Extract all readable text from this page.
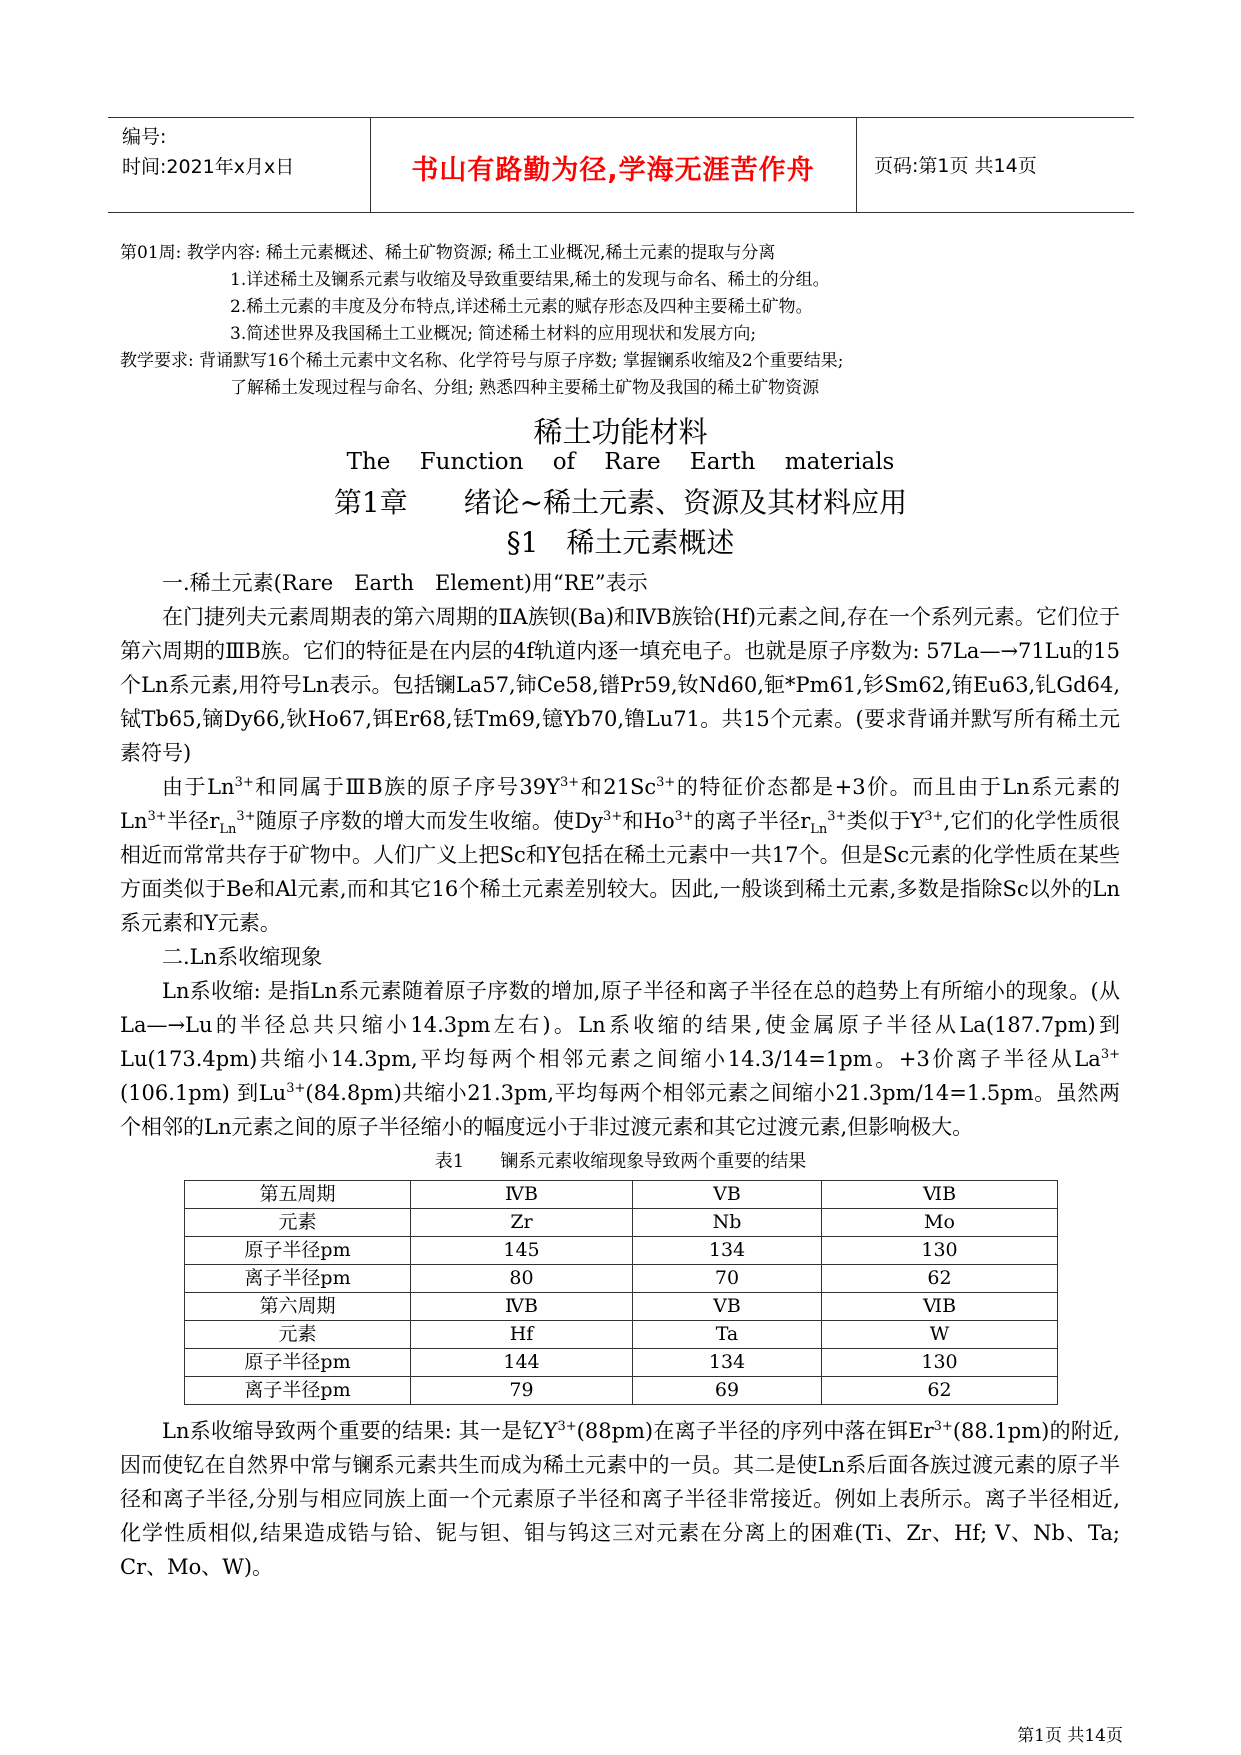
编号:
时间:2021年x月x日	书山有路勤为径,学海无涯苦作舟	页码:第1页 共14页
第01周: 教学内容: 稀土元素概述、稀土矿物资源; 稀土工业概况,稀土元素的提取与分离
1.详述稀土及镧系元素与收缩及导致重要结果,稀土的发现与命名、稀土的分组。
2.稀土元素的丰度及分布特点,详述稀土元素的赋存形态及四种主要稀土矿物。
3.简述世界及我国稀土工业概况; 简述稀土材料的应用现状和发展方向;
教学要求: 背诵默写16个稀土元素中文名称、化学符号与原子序数; 掌握镧系收缩及2个重要结果;
了解稀土发现过程与命名、分组; 熟悉四种主要稀土矿物及我国的稀土矿物资源
稀土功能材料
The Function of Rare Earth materials
第1章　　绪论~稀土元素、资源及其材料应用
§1　稀土元素概述

一.稀土元素(Rare　Earth　Element)用“RE”表示

在门捷列夫元素周期表的第六周期的ⅡA族钡(Ba)和ⅣB族铪(Hf)元素之间,存在一个系列元素。它们位于第六周期的ⅢB族。它们的特征是在内层的4f轨道内逐一填充电子。也就是原子序数为: 57La—→71Lu的15个Ln系元素,用符号Ln表示。包括镧La57,铈Ce58,镨Pr59,钕Nd60,钷*Pm61,钐Sm62,铕Eu63,钆Gd64,铽Tb65,镝Dy66,钬Ho67,铒Er68,铥Tm69,镱Yb70,镥Lu71。共15个元素。(要求背诵并默写所有稀土元素符号)

由于$Ln^{3+}$和同属于ⅢB族的原子序号$39Y^{3+}$和$21Sc^{3+}$的特征价态都是+3价。而且由于Ln系元素的$Ln^{3+}$半径$r_{Ln}^{3+}$随原子序数的增大而发生收缩。使$Dy^{3+}$和$Ho^{3+}$的离子半径$r_{Ln}^{3+}$类似于$Y^{3+}$,它们的化学性质很相近而常常共存于矿物中。人们广义上把Sc和Y包括在稀土元素中一共17个。但是Sc元素的化学性质在某些方面类似于Be和Al元素,而和其它16个稀土元素差别较大。因此,一般谈到稀土元素,多数是指除Sc以外的Ln系元素和Y元素。

二.Ln系收缩现象

Ln系收缩: 是指Ln系元素随着原子序数的增加,原子半径和离子半径在总的趋势上有所缩小的现象。(从La—→Lu的半径总共只缩小14.3pm左右)。Ln系收缩的结果,使金属原子半径从La(187.7pm)到Lu(173.4pm)共缩小14.3pm,平均每两个相邻元素之间缩小14.3/14=1pm。+3价离子半径从$La^{3+}(106.1pm)$ 到$Lu^{3+}(84.8pm)$共缩小21.3pm,平均每两个相邻元素之间缩小21.3pm/14=1.5pm。虽然两个相邻的Ln元素之间的原子半径缩小的幅度远小于非过渡元素和其它过渡元素,但影响极大。

表1　　镧系元素收缩现象导致两个重要的结果
第五周期	ⅣB	ⅤB	ⅥB
元素	Zr	Nb	Mo
原子半径pm	145	134	130
离子半径pm	80	70	62
第六周期	ⅣB	ⅤB	ⅥB
元素	Hf	Ta	W
原子半径pm	144	134	130
离子半径pm	79	69	62

Ln系收缩导致两个重要的结果: 其一是钇$Y^{3+}(88pm)$在离子半径的序列中落在铒$Er^{3+}(88.1pm)$的附近,因而使钇在自然界中常与镧系元素共生而成为稀土元素中的一员。其二是使Ln系后面各族过渡元素的原子半径和离子半径,分别与相应同族上面一个元素原子半径和离子半径非常接近。例如上表所示。离子半径相近,化学性质相似,结果造成锆与铪、铌与钽、钼与钨这三对元素在分离上的困难(Ti、Zr、Hf; V、Nb、Ta; Cr、Mo、W)。

第1页 共14页
